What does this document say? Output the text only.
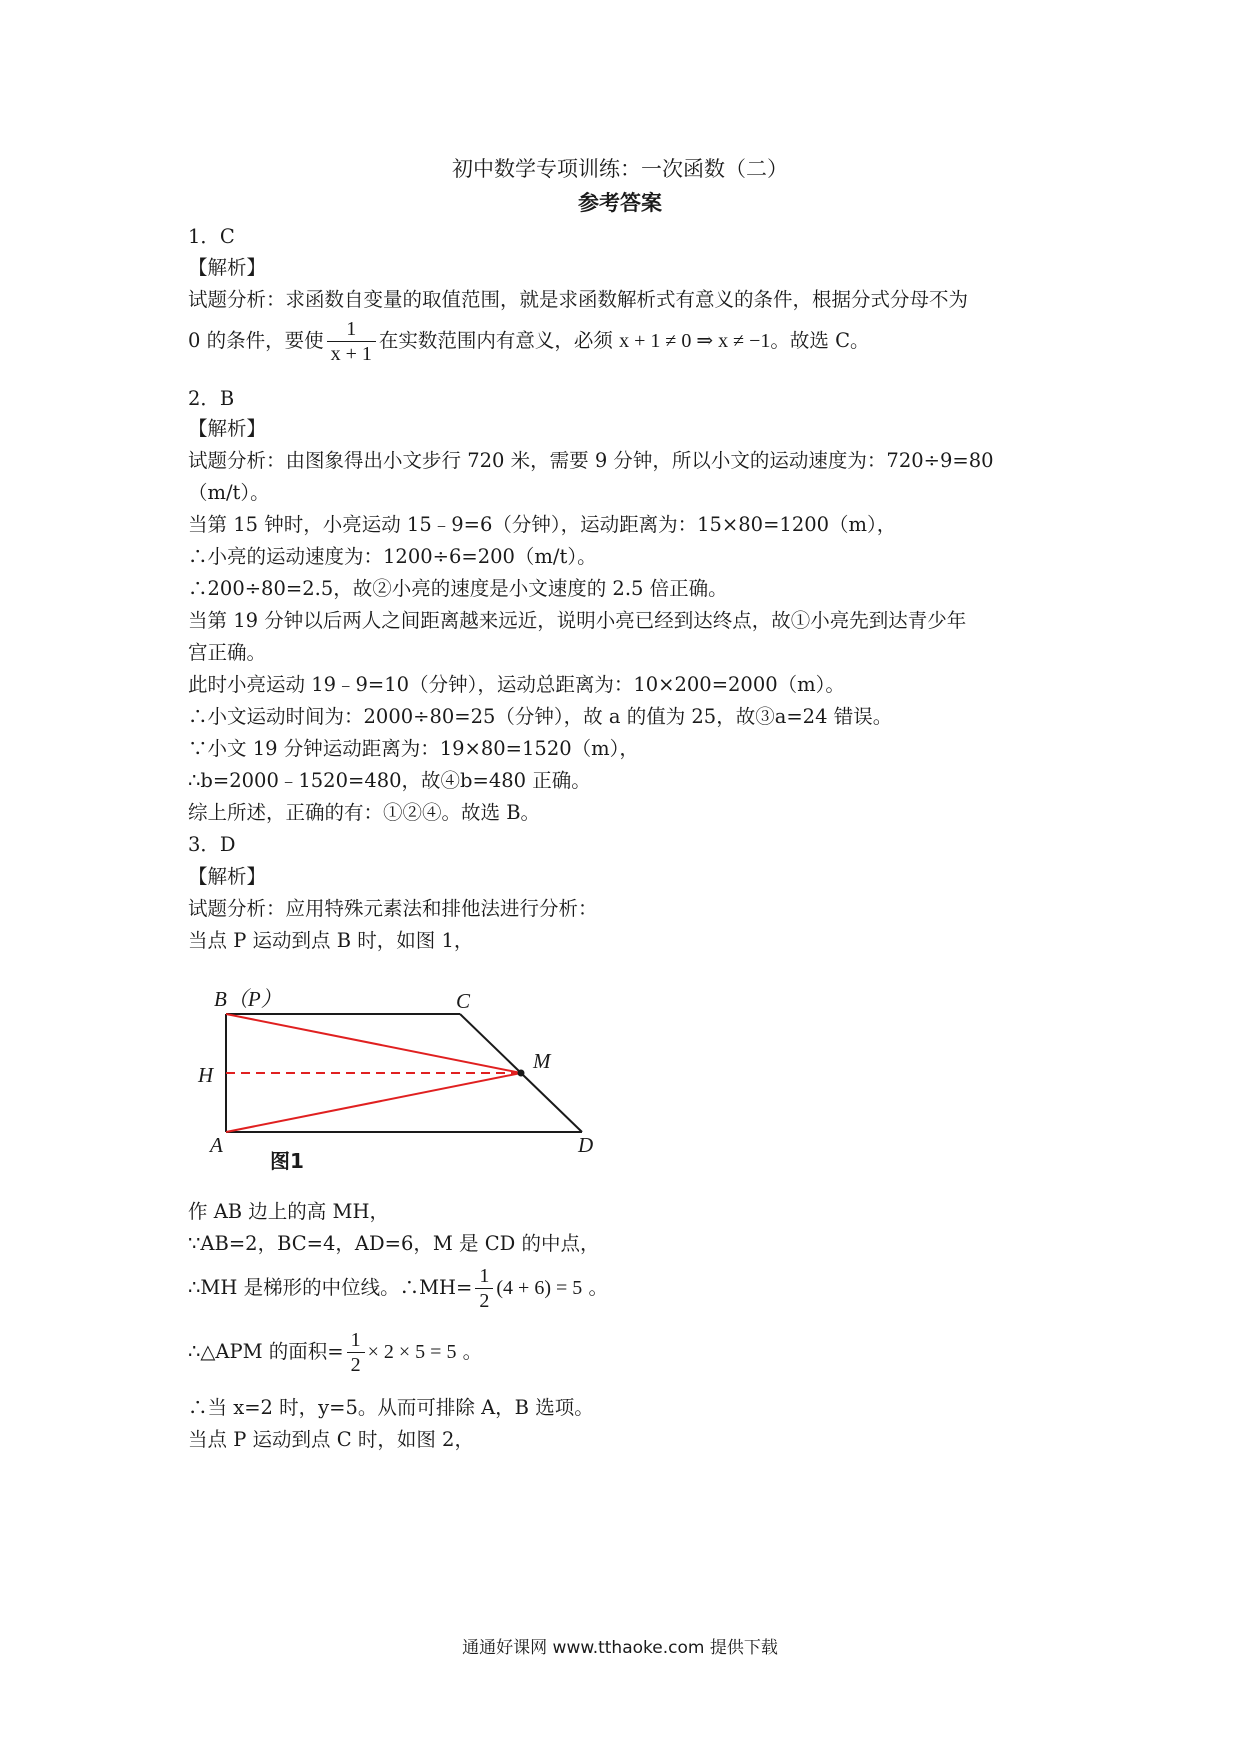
初中数学专项训练：一次函数（二）
参考答案
1．C
【解析】
试题分析：求函数自变量的取值范围，就是求函数解析式有意义的条件，根据分式分母不为
0 的条件，要使 $\frac{1}{x + 1}$ 在实数范围内有意义，必须 x + 1 ≠ 0 ⇒ x ≠ −1。故选 C。
2．B
【解析】
试题分析：由图象得出小文步行 720 米，需要 9 分钟，所以小文的运动速度为：720÷9=80
（m/t）。
当第 15 钟时，小亮运动 15﹣9=6（分钟），运动距离为：15×80=1200（m），
∴小亮的运动速度为：1200÷6=200（m/t）。
∴200÷80=2.5，故②小亮的速度是小文速度的 2.5 倍正确。
当第 19 分钟以后两人之间距离越来远近，说明小亮已经到达终点，故①小亮先到达青少年
宫正确。
此时小亮运动 19﹣9=10（分钟），运动总距离为：10×200=2000（m）。
∴小文运动时间为：2000÷80=25（分钟），故 a 的值为 25，故③a=24 错误。
∵小文 19 分钟运动距离为：19×80=1520（m），
∴b=2000﹣1520=480，故④b=480 正确。
综上所述，正确的有：①②④。故选 B。
3．D
【解析】
试题分析：应用特殊元素法和排他法进行分析：
当点 P 运动到点 B 时，如图 1，
B（P）	C
H
M
A	D
图1
作 AB 边上的高 MH，
∵AB=2，BC=4，AD=6，M 是 CD 的中点，
∴MH 是梯形的中位线。∴MH= $\frac{1}{2} (4 + 6) = 5$ 。
∴△APM 的面积= $\frac{1}{2} \times 2 \times 5 = 5$ 。
∴当 x=2 时，y=5。从而可排除 A，B 选项。
当点 P 运动到点 C 时，如图 2，
通通好课网 www.tthaoke.com 提供下载
